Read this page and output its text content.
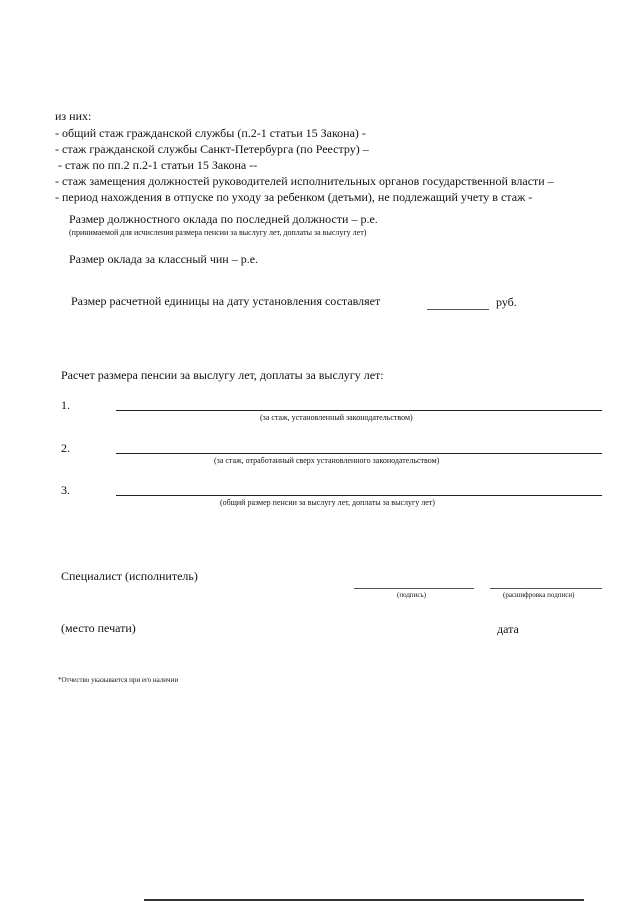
из них:
- общий стаж гражданской службы (п.2-1 статьи 15 Закона) -
- стаж гражданской службы Санкт-Петербурга (по Реестру) –
- стаж по пп.2 п.2-1 статьи 15 Закона --
- стаж замещения должностей руководителей исполнительных органов государственной власти –
- период нахождения в отпуске по уходу за ребенком (детьми), не подлежащий учету в стаж -
Размер должностного оклада по последней должности – р.е.
(принимаемой для исчисления размера пенсии за выслугу лет, доплаты за выслугу лет)
Размер оклада за классный чин – р.е.
Размер расчетной единицы на дату установления составляет	руб.
Расчет размера пенсии за выслугу лет, доплаты за выслугу лет:
1.
(за стаж, установленный законодательством)
2.
(за стаж, отработанный сверх установленного законодательством)
3.
(общий размер пенсии за выслугу лет, доплаты за выслугу лет)
Специалист (исполнитель)
(подпись)	(расшифровка подписи)
(место печати)	дата
*Отчество указывается при его наличии
